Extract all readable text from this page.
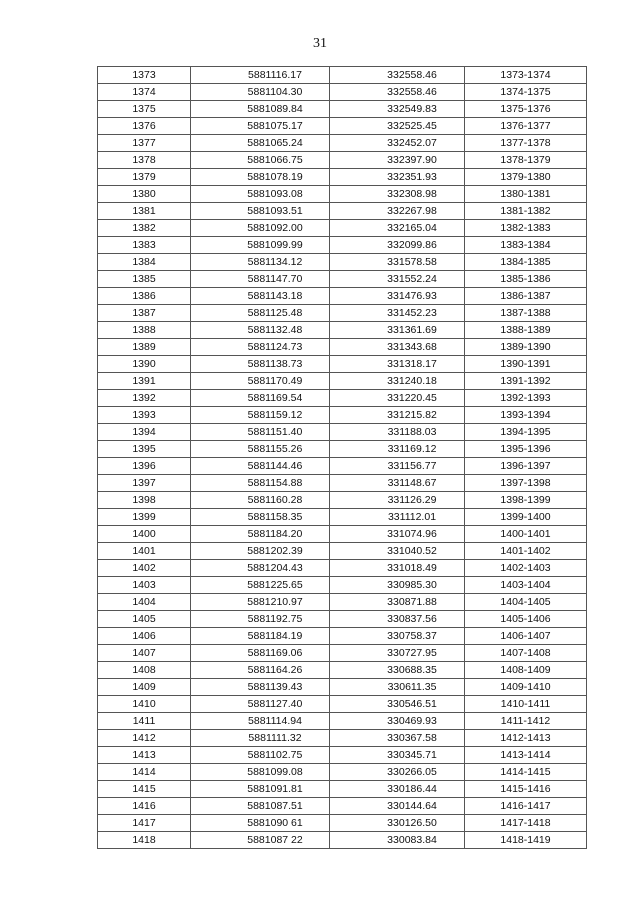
31
1373	5881116.17	332558.46	1373-1374
1374	5881104.30	332558.46	1374-1375
1375	5881089.84	332549.83	1375-1376
1376	5881075.17	332525.45	1376-1377
1377	5881065.24	332452.07	1377-1378
1378	5881066.75	332397.90	1378-1379
1379	5881078.19	332351.93	1379-1380
1380	5881093.08	332308.98	1380-1381
1381	5881093.51	332267.98	1381-1382
1382	5881092.00	332165.04	1382-1383
1383	5881099.99	332099.86	1383-1384
1384	5881134.12	331578.58	1384-1385
1385	5881147.70	331552.24	1385-1386
1386	5881143.18	331476.93	1386-1387
1387	5881125.48	331452.23	1387-1388
1388	5881132.48	331361.69	1388-1389
1389	5881124.73	331343.68	1389-1390
1390	5881138.73	331318.17	1390-1391
1391	5881170.49	331240.18	1391-1392
1392	5881169.54	331220.45	1392-1393
1393	5881159.12	331215.82	1393-1394
1394	5881151.40	331188.03	1394-1395
1395	5881155.26	331169.12	1395-1396
1396	5881144.46	331156.77	1396-1397
1397	5881154.88	331148.67	1397-1398
1398	5881160.28	331126.29	1398-1399
1399	5881158.35	331112.01	1399-1400
1400	5881184.20	331074.96	1400-1401
1401	5881202.39	331040.52	1401-1402
1402	5881204.43	331018.49	1402-1403
1403	5881225.65	330985.30	1403-1404
1404	5881210.97	330871.88	1404-1405
1405	5881192.75	330837.56	1405-1406
1406	5881184.19	330758.37	1406-1407
1407	5881169.06	330727.95	1407-1408
1408	5881164.26	330688.35	1408-1409
1409	5881139.43	330611.35	1409-1410
1410	5881127.40	330546.51	1410-1411
1411	5881114.94	330469.93	1411-1412
1412	5881111.32	330367.58	1412-1413
1413	5881102.75	330345.71	1413-1414
1414	5881099.08	330266.05	1414-1415
1415	5881091.81	330186.44	1415-1416
1416	5881087.51	330144.64	1416-1417
1417	5881090 61	330126.50	1417-1418
1418	5881087 22	330083.84	1418-1419
